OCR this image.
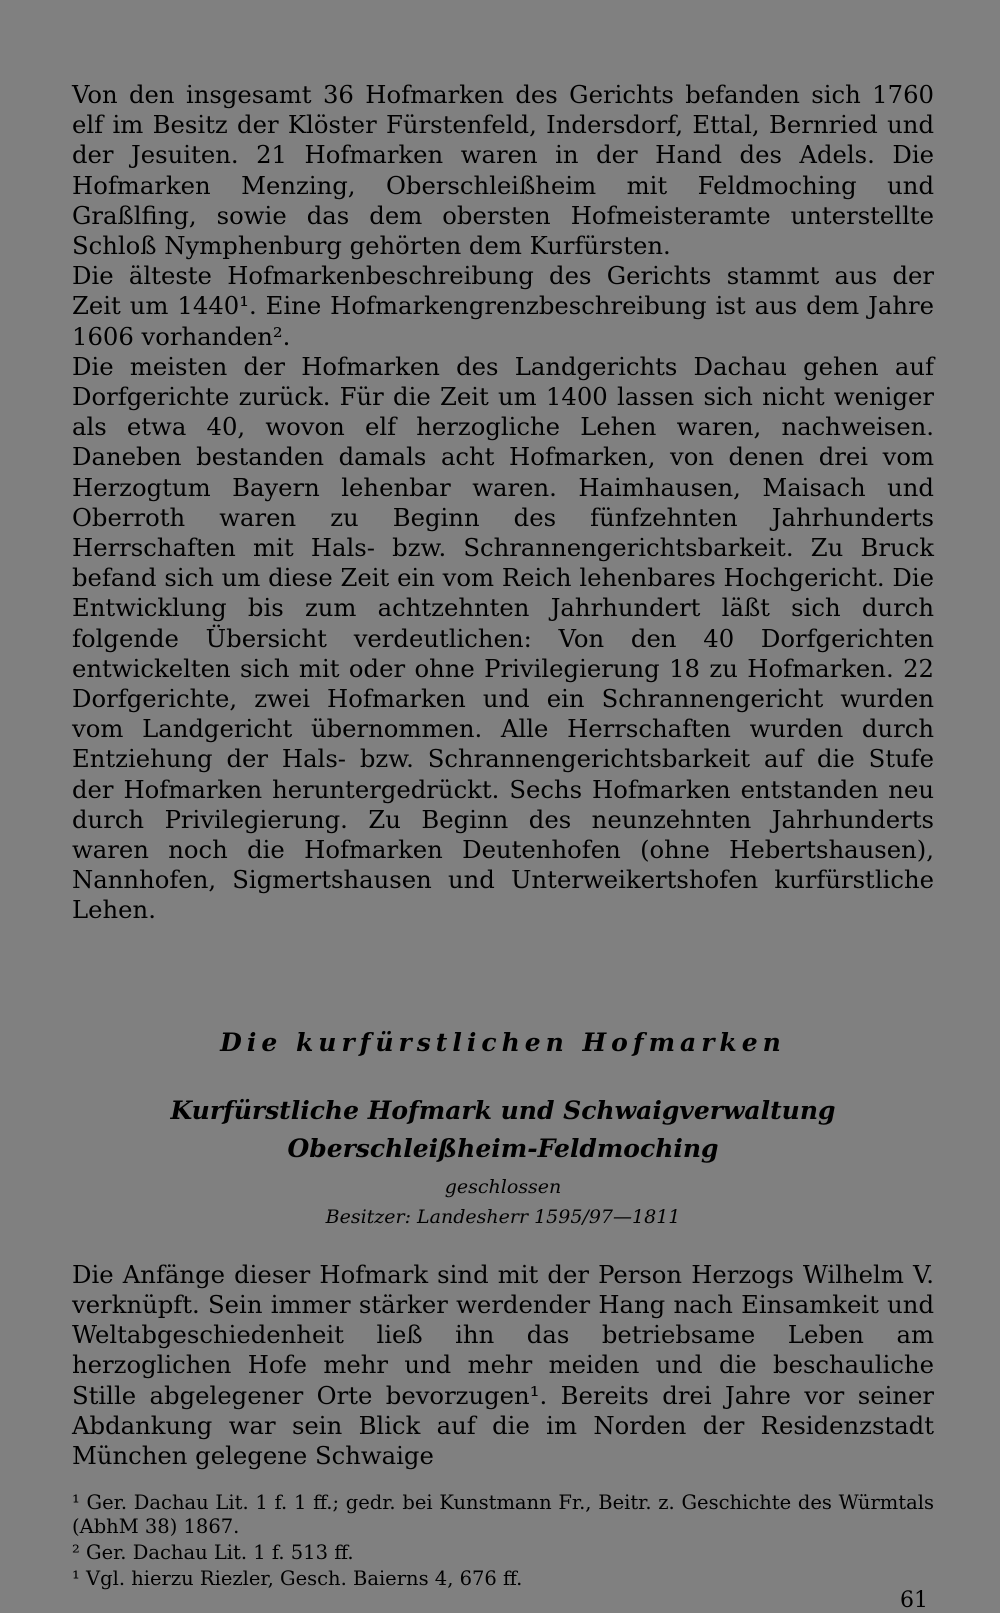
Von den insgesamt 36 Hofmarken des Gerichts befanden sich 1760 elf im Besitz der Klöster Fürstenfeld, Indersdorf, Ettal, Bernried und der Jesuiten. 21 Hofmarken waren in der Hand des Adels. Die Hofmarken Menzing, Oberschleißheim mit Feldmoching und Graßlfing, sowie das dem obersten Hofmeisteramte unterstellte Schloß Nymphenburg gehörten dem Kurfürsten.

Die älteste Hofmarkenbeschreibung des Gerichts stammt aus der Zeit um 1440¹. Eine Hofmarkengrenzbeschreibung ist aus dem Jahre 1606 vorhanden².

Die meisten der Hofmarken des Landgerichts Dachau gehen auf Dorfgerichte zurück. Für die Zeit um 1400 lassen sich nicht weniger als etwa 40, wovon elf herzogliche Lehen waren, nachweisen. Daneben bestanden damals acht Hofmarken, von denen drei vom Herzogtum Bayern lehenbar waren. Haimhausen, Maisach und Oberroth waren zu Beginn des fünfzehnten Jahrhunderts Herrschaften mit Hals- bzw. Schrannengerichtsbarkeit. Zu Bruck befand sich um diese Zeit ein vom Reich lehenbares Hochgericht. Die Entwicklung bis zum achtzehnten Jahrhundert läßt sich durch folgende Übersicht verdeutlichen: Von den 40 Dorfgerichten entwickelten sich mit oder ohne Privilegierung 18 zu Hofmarken. 22 Dorfgerichte, zwei Hofmarken und ein Schrannengericht wurden vom Landgericht übernommen. Alle Herrschaften wurden durch Entziehung der Hals- bzw. Schrannengerichtsbarkeit auf die Stufe der Hofmarken heruntergedrückt. Sechs Hofmarken entstanden neu durch Privilegierung. Zu Beginn des neunzehnten Jahrhunderts waren noch die Hofmarken Deutenhofen (ohne Hebertshausen), Nannhofen, Sigmertshausen und Unterweikertshofen kurfürstliche Lehen.

Die kurfürstlichen Hofmarken
Kurfürstliche Hofmark und Schwaigverwaltung Oberschleißheim-Feldmoching

geschlossen

Besitzer: Landesherr 1595/97—1811

Die Anfänge dieser Hofmark sind mit der Person Herzogs Wilhelm V. verknüpft. Sein immer stärker werdender Hang nach Einsamkeit und Weltabgeschiedenheit ließ ihn das betriebsame Leben am herzoglichen Hofe mehr und mehr meiden und die beschauliche Stille abgelegener Orte bevorzugen¹. Bereits drei Jahre vor seiner Abdankung war sein Blick auf die im Norden der Residenzstadt München gelegene Schwaige

¹ Ger. Dachau Lit. 1 f. 1 ff.; gedr. bei Kunstmann Fr., Beitr. z. Geschichte des Würmtals (AbhM 38) 1867.

² Ger. Dachau Lit. 1 f. 513 ff.

¹ Vgl. hierzu Riezler, Gesch. Baierns 4, 676 ff.

61
